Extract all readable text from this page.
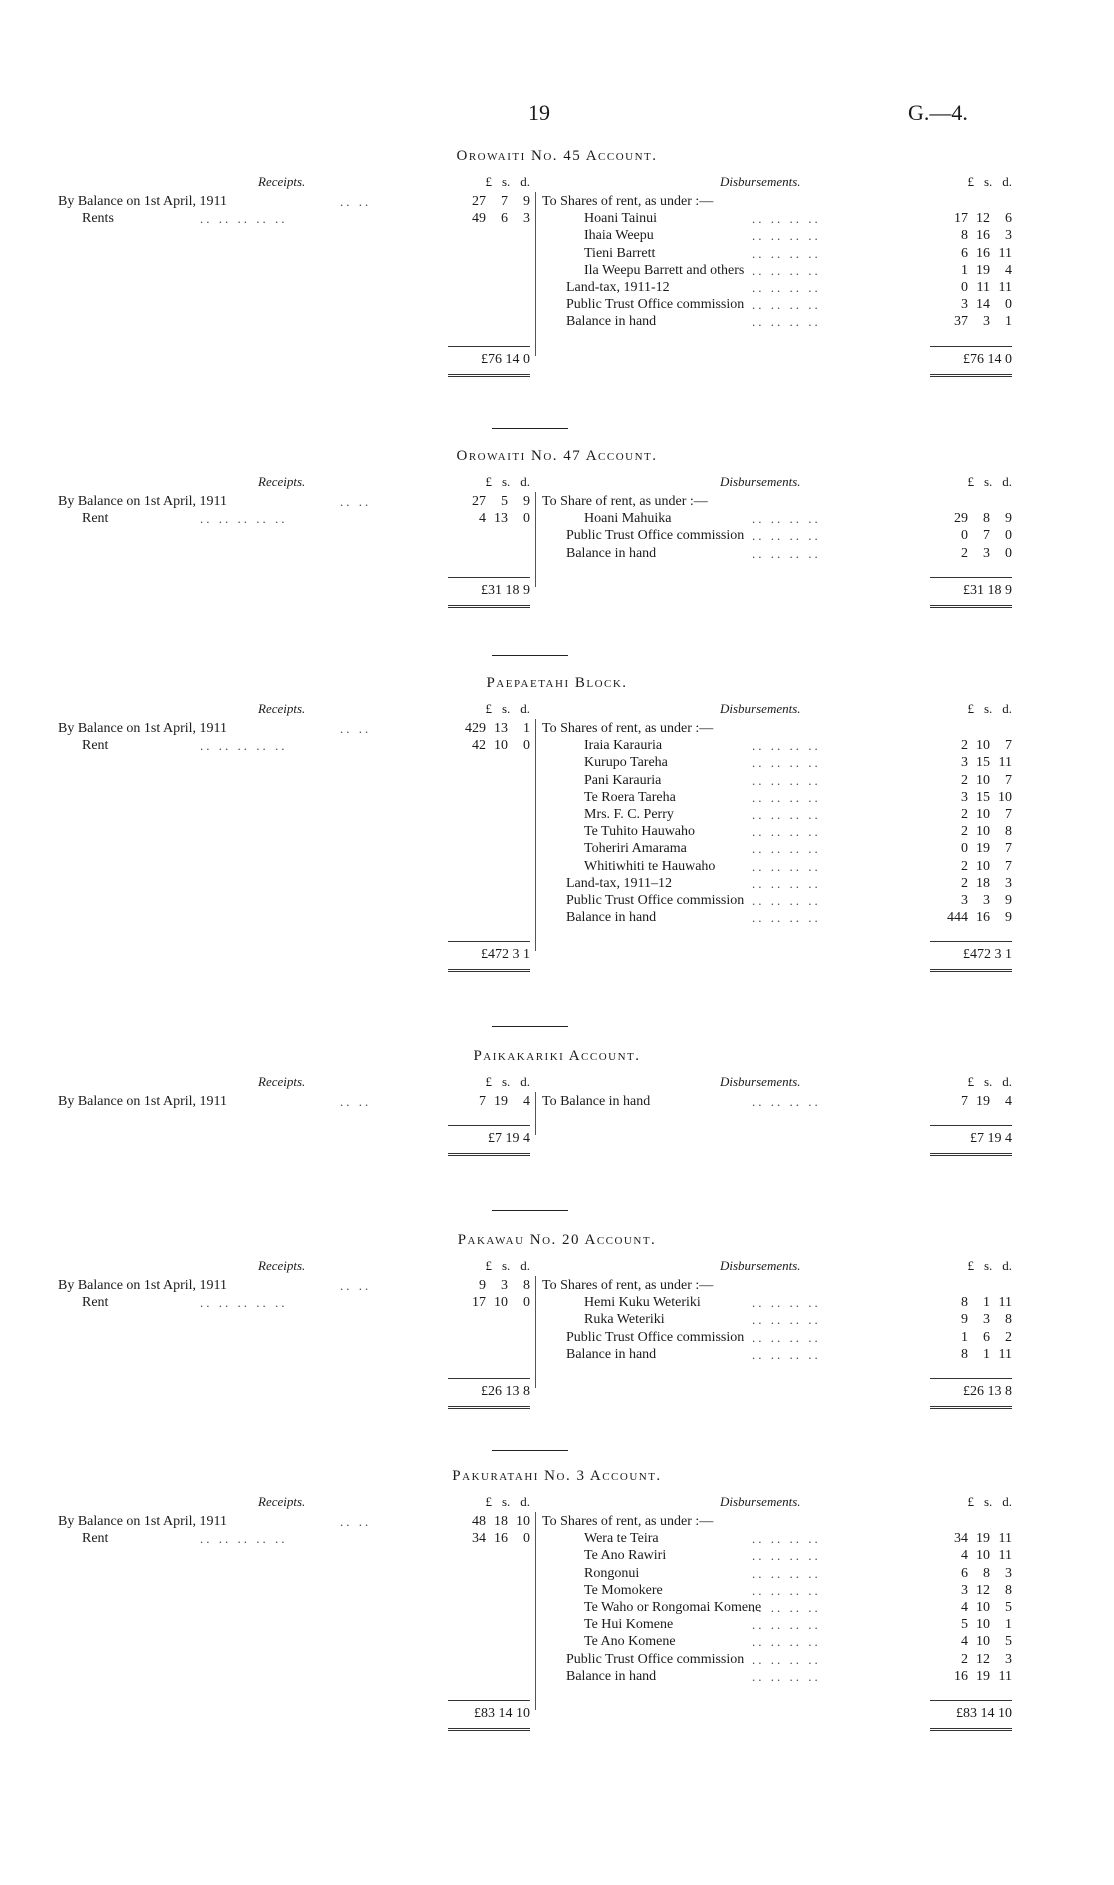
19	G.—4.
Orowaiti No. 45 Account.
Receipts.	Disbursements.
£ s. d.	£ s. d.
By Balance on 1st April, 1911	.. ..	27 7 9
Rents	.. .. .. .. ..	49 6 3
To Shares of rent, as under :—
Hoani Tainui	.. .. .. ..	17 12 6
Ihaia Weepu	.. .. .. ..	8 16 3
Tieni Barrett	.. .. .. ..	6 16 11
Ila Weepu Barrett and others .. .. .. ..	1 19 4
Land-tax, 1911-12	.. .. .. ..	0 11 11
Public Trust Office commission .. .. .. ..	3 14 0
Balance in hand	.. .. .. ..	37 3 1
£76 14 0	£76 14 0
Orowaiti No. 47 Account.
Receipts.	Disbursements.
£ s. d.	£ s. d.
By Balance on 1st April, 1911	.. ..	27 5 9
Rent	.. .. .. .. ..	4 13 0
To Share of rent, as under :—
Hoani Mahuika	.. .. .. ..	29 8 9
Public Trust Office commission .. .. .. ..	0 7 0
Balance in hand	.. .. .. ..	2 3 0
£31 18 9	£31 18 9
Paepaetahi Block.
Receipts.	Disbursements.
£ s. d.	£ s. d.
By Balance on 1st April, 1911	.. ..	429 13 1
Rent	.. .. .. .. ..	42 10 0
To Shares of rent, as under :—
Iraia Karauria	.. .. .. ..	2 10 7
Kurupo Tareha	.. .. .. ..	3 15 11
Pani Karauria	.. .. .. ..	2 10 7
Te Roera Tareha	.. .. .. ..	3 15 10
Mrs. F. C. Perry	.. .. .. ..	2 10 7
Te Tuhito Hauwaho	.. .. .. ..	2 10 8
Toheriri Amarama	.. .. .. ..	0 19 7
Whitiwhiti te Hauwaho	.. .. .. ..	2 10 7
Land-tax, 1911–12	.. .. .. ..	2 18 3
Public Trust Office commission .. .. .. ..	3 3 9
Balance in hand	.. .. .. ..	444 16 9
£472 3 1	£472 3 1
Paikakariki Account.
Receipts.	Disbursements.
£ s. d.	£ s. d.
By Balance on 1st April, 1911	.. ..	7 19 4 To Balance in hand	.. .. .. ..	7 19 4
£7 19 4	£7 19 4
Pakawau No. 20 Account.
Receipts.	Disbursements.
£ s. d.	£ s. d.
By Balance on 1st April, 1911	.. ..	9 3 8
Rent	.. .. .. .. ..	17 10 0
To Shares of rent, as under :—
Hemi Kuku Weteriki	.. .. .. ..	8 1 11
Ruka Weteriki	.. .. .. ..	9 3 8
Public Trust Office commission .. .. .. ..	1 6 2
Balance in hand	.. .. .. ..	8 1 11
£26 13 8	£26 13 8
Pakuratahi No. 3 Account.
Receipts.	Disbursements.
£ s. d.	£ s. d.
By Balance on 1st April, 1911	.. ..	48 18 10
Rent	.. .. .. .. ..	34 16 0
To Shares of rent, as under :—
Wera te Teira	.. .. .. ..	34 19 11
Te Ano Rawiri	.. .. .. ..	4 10 11
Rongonui	.. .. .. ..	6 8 3
Te Momokere	.. .. .. ..	3 12 8
Te Waho or Rongomai Komene
.. .. .. ..	4 10 5
Te Hui Komene	.. .. .. ..	5 10 1
Te Ano Komene	.. .. .. ..	4 10 5
Public Trust Office commission .. .. .. ..	2 12 3
Balance in hand	.. .. .. ..	16 19 11
£83 14 10	£83 14 10
